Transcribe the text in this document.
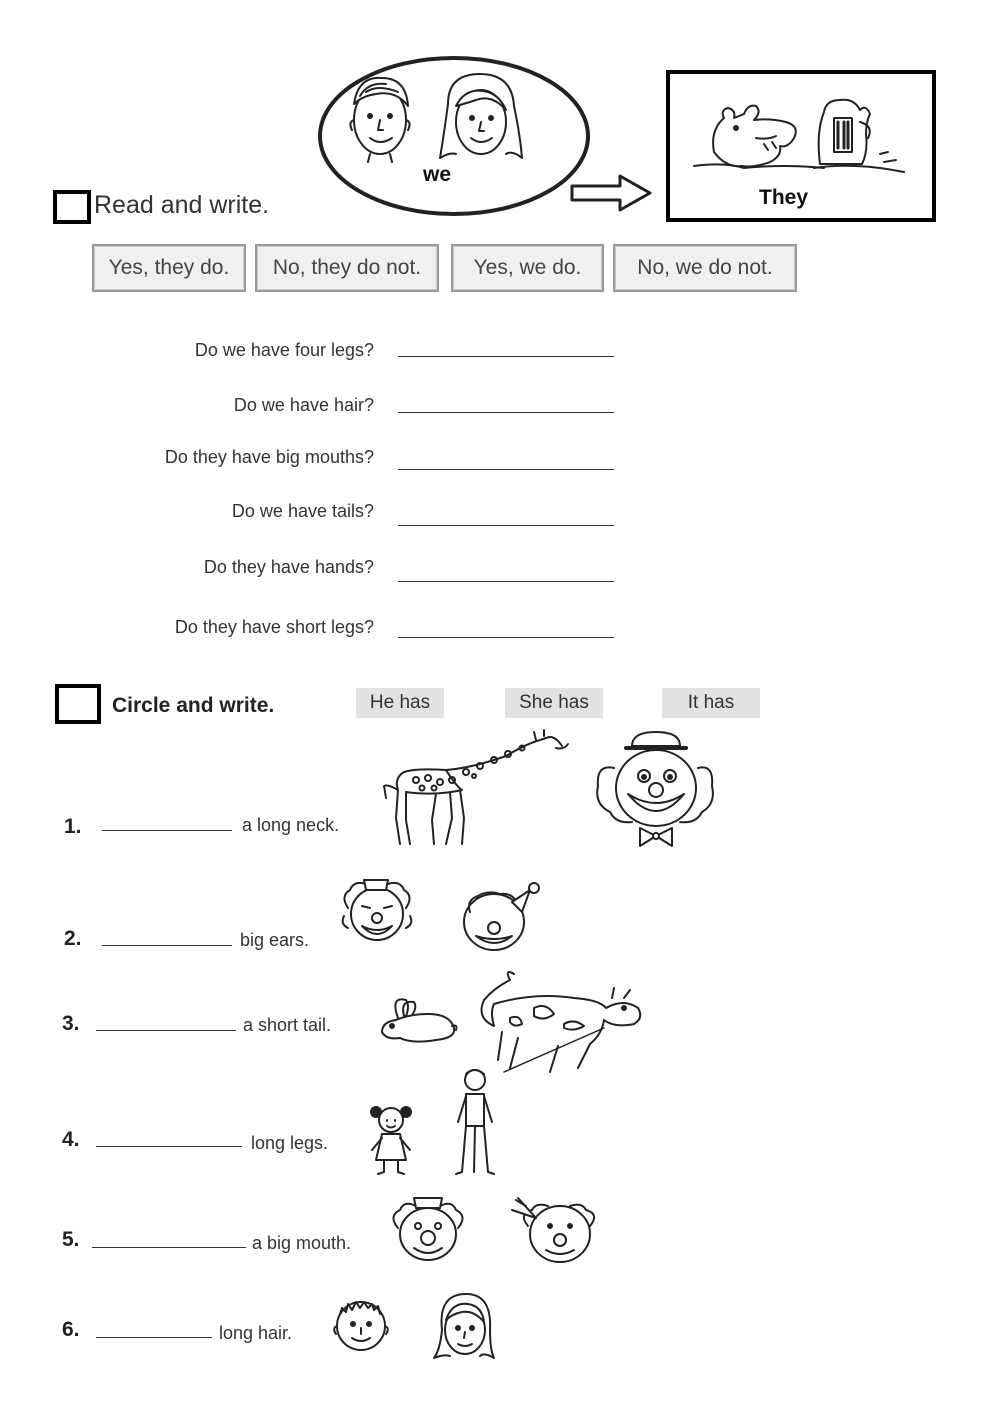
we
They
Read and write.
Yes, they do.	No, they do not.	Yes, we do.	No, we do not.
Do we have four legs?
Do we have hair?
Do they have big mouths?
Do we have tails?
Do they have hands?
Do they have short legs?
Circle and write.	He has	She has	It has
1.	a long neck.
2.	big ears.
3.	a short tail.
4.	long legs.
5.	a big mouth.
6.	long hair.
